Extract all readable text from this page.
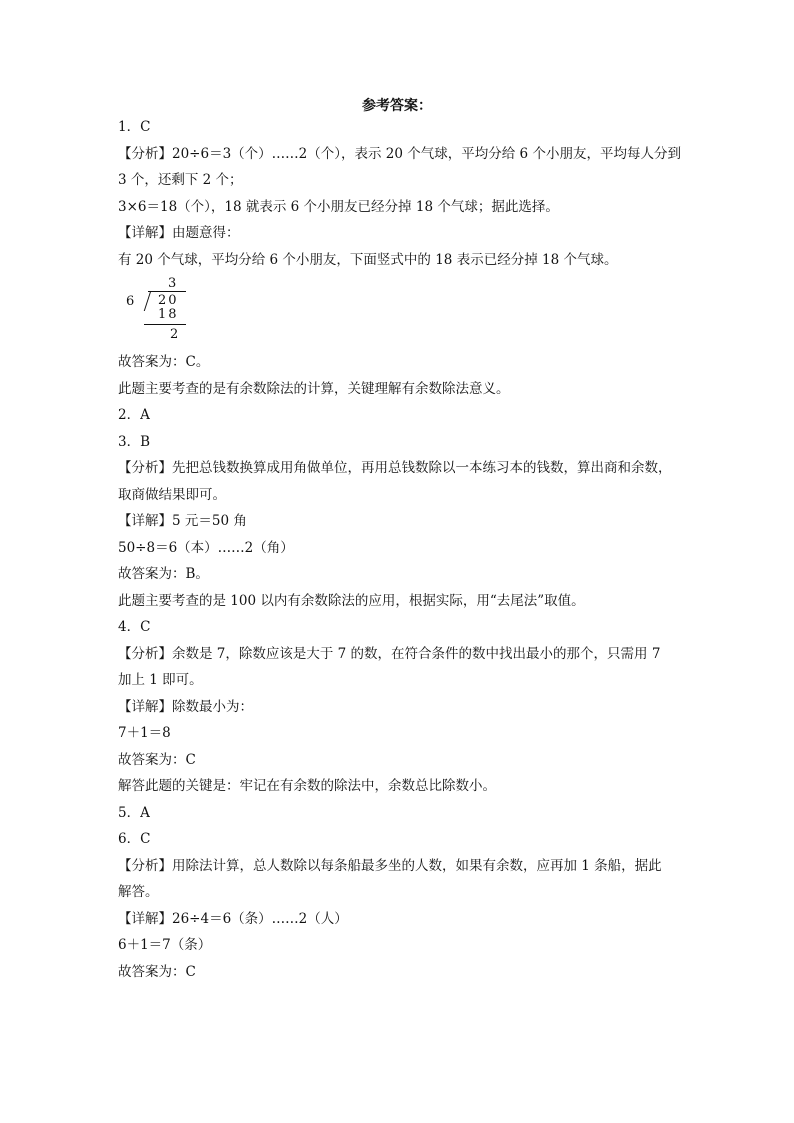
参考答案：

1．C

【分析】20÷6＝3（个）……2（个），表示 20 个气球，平均分给 6 个小朋友，平均每人分到

3 个，还剩下 2 个；

3×6＝18（个），18 就表示 6 个小朋友已经分掉 18 个气球；据此选择。

【详解】由题意得：

有 20 个气球，平均分给 6 个小朋友，下面竖式中的 18 表示已经分掉 18 个气球。

3
6 20
18
2

故答案为：C。

此题主要考查的是有余数除法的计算，关键理解有余数除法意义。

2．A

3．B

【分析】先把总钱数换算成用角做单位，再用总钱数除以一本练习本的钱数，算出商和余数，

取商做结果即可。

【详解】5 元＝50 角

50÷8＝6（本）……2（角）

故答案为：B。

此题主要考查的是 100 以内有余数除法的应用，根据实际，用“去尾法”取值。

4．C

【分析】余数是 7，除数应该是大于 7 的数，在符合条件的数中找出最小的那个，只需用 7

加上 1 即可。

【详解】除数最小为：

7＋1＝8

故答案为：C

解答此题的关键是：牢记在有余数的除法中，余数总比除数小。

5．A

6．C

【分析】用除法计算，总人数除以每条船最多坐的人数，如果有余数，应再加 1 条船，据此

解答。

【详解】26÷4＝6（条）……2（人）

6＋1＝7（条）

故答案为：C
